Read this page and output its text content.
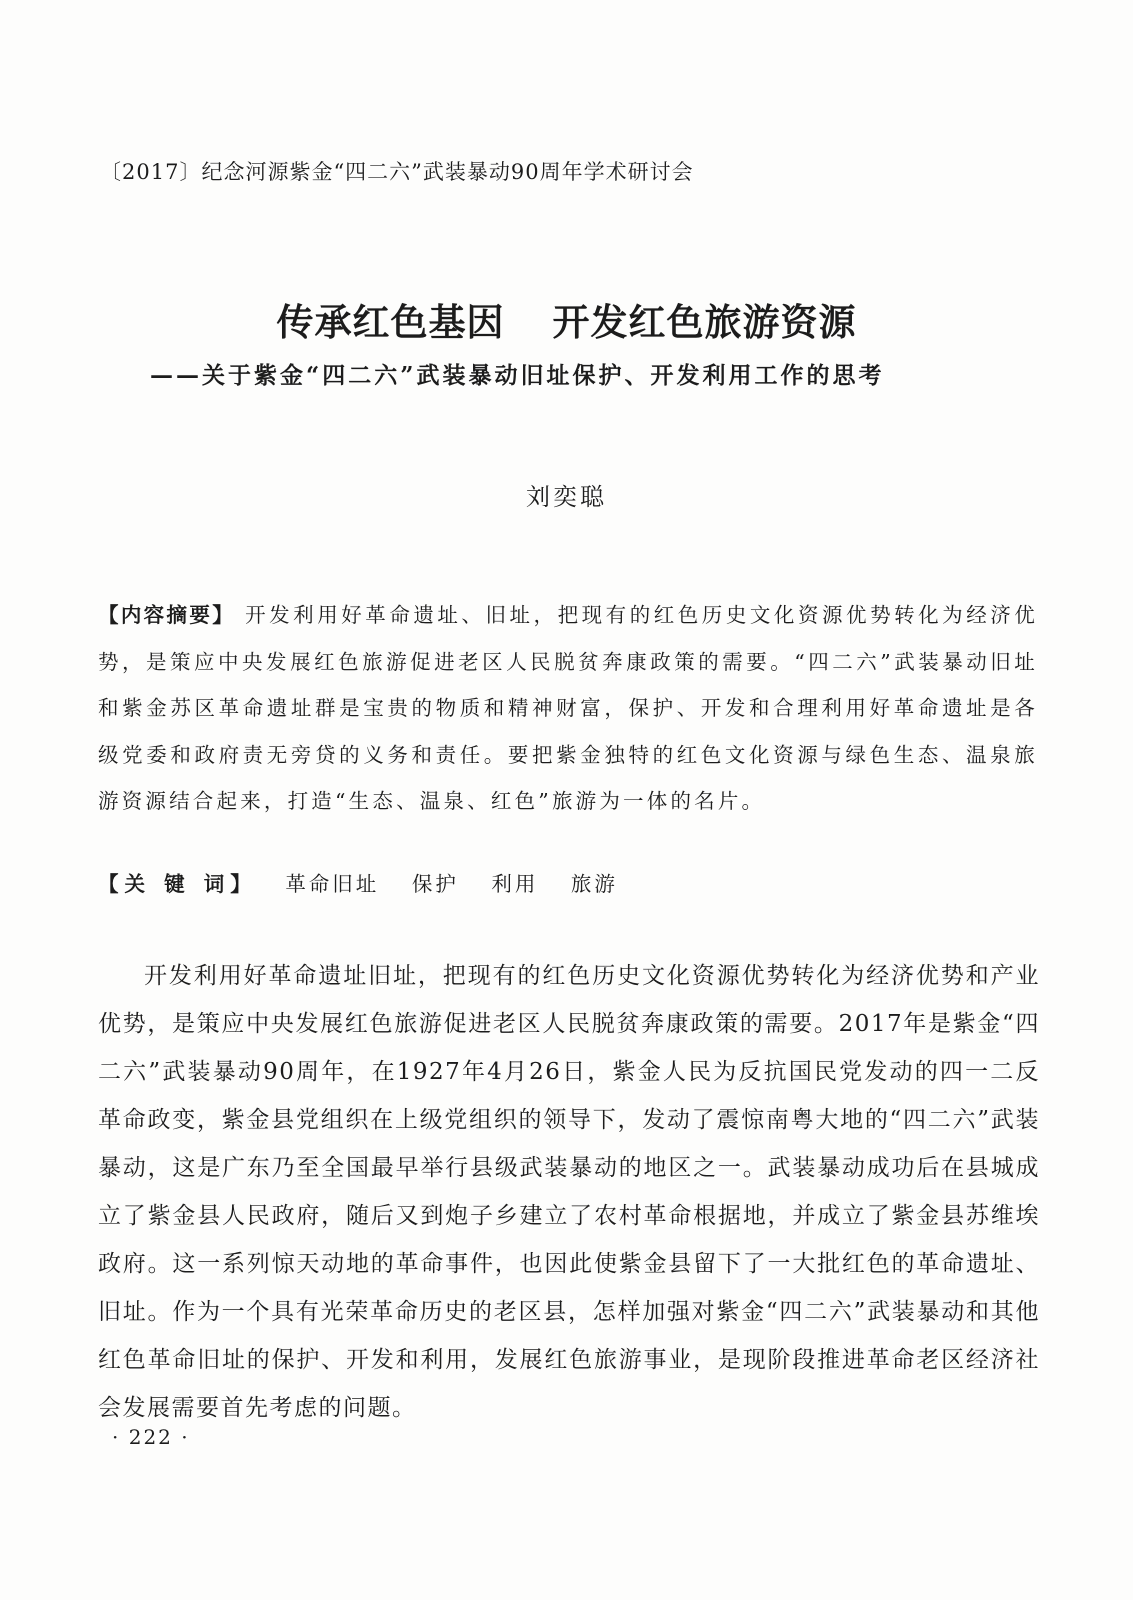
〔2017〕纪念河源紫金“四二六”武装暴动90周年学术研讨会
传承红色基因 开发红色旅游资源
——关于紫金“四二六”武装暴动旧址保护、开发利用工作的思考
刘奕聪
【内容摘要】 开发利用好革命遗址、旧址，把现有的红色历史文化资源优势转化为经济优势，是策应中央发展红色旅游促进老区人民脱贫奔康政策的需要。“四二六”武装暴动旧址和紫金苏区革命遗址群是宝贵的物质和精神财富，保护、开发和合理利用好革命遗址是各级党委和政府责无旁贷的义务和责任。要把紫金独特的红色文化资源与绿色生态、温泉旅游资源结合起来，打造“生态、温泉、红色”旅游为一体的名片。
【关 键 词】 革命旧址 保护 利用 旅游
开发利用好革命遗址旧址，把现有的红色历史文化资源优势转化为经济优势和产业优势，是策应中央发展红色旅游促进老区人民脱贫奔康政策的需要。2017年是紫金“四二六”武装暴动90周年，在1927年4月26日，紫金人民为反抗国民党发动的四一二反革命政变，紫金县党组织在上级党组织的领导下，发动了震惊南粤大地的“四二六”武装暴动，这是广东乃至全国最早举行县级武装暴动的地区之一。武装暴动成功后在县城成立了紫金县人民政府，随后又到炮子乡建立了农村革命根据地，并成立了紫金县苏维埃政府。这一系列惊天动地的革命事件，也因此使紫金县留下了一大批红色的革命遗址、旧址。作为一个具有光荣革命历史的老区县，怎样加强对紫金“四二六”武装暴动和其他红色革命旧址的保护、开发和利用，发展红色旅游事业，是现阶段推进革命老区经济社会发展需要首先考虑的问题。
· 222 ·
